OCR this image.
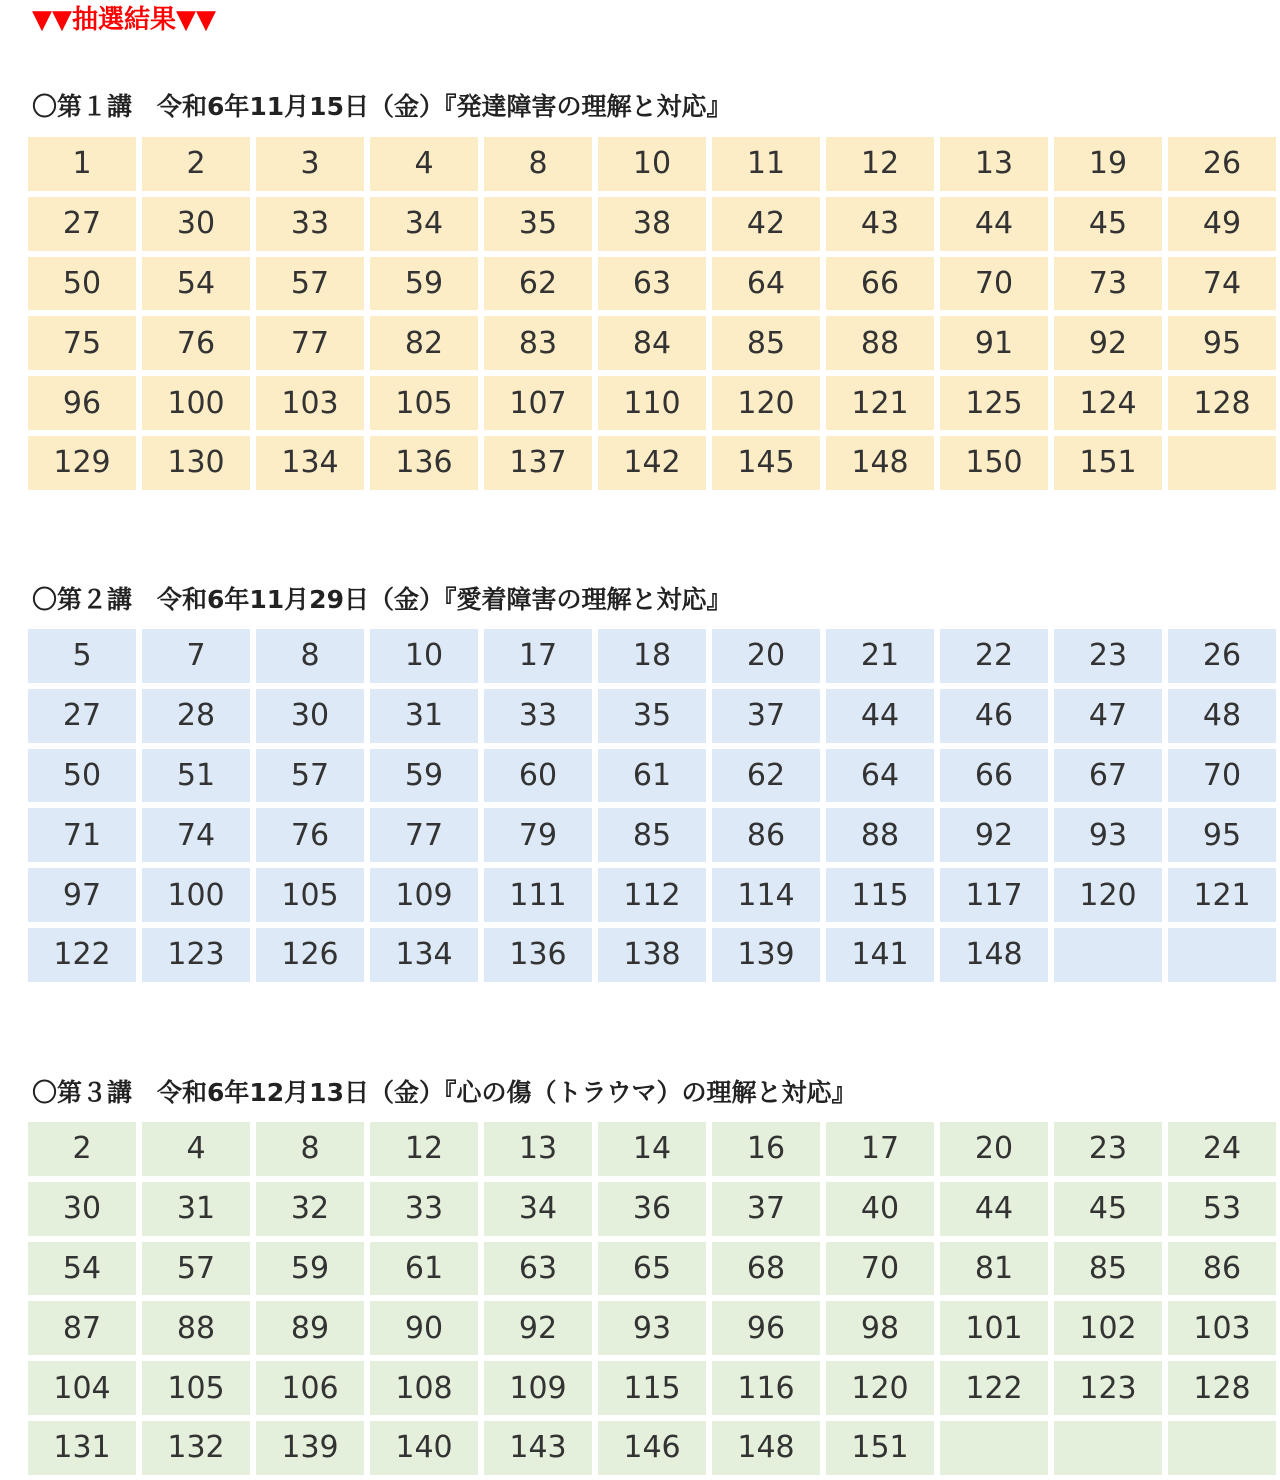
▼▼抽選結果▼▼
〇第１講　令和6年11月15日（金）『発達障害の理解と対応』
1	2	3	4	8	10	11	12	13	19	26
27	30	33	34	35	38	42	43	44	45	49
50	54	57	59	62	63	64	66	70	73	74
75	76	77	82	83	84	85	88	91	92	95
96	100	103	105	107	110	120	121	125	124	128
129	130	134	136	137	142	145	148	150	151
〇第２講　令和6年11月29日（金）『愛着障害の理解と対応』
5	7	8	10	17	18	20	21	22	23	26
27	28	30	31	33	35	37	44	46	47	48
50	51	57	59	60	61	62	64	66	67	70
71	74	76	77	79	85	86	88	92	93	95
97	100	105	109	111	112	114	115	117	120	121
122	123	126	134	136	138	139	141	148
〇第３講　令和6年12月13日（金）『心の傷（トラウマ）の理解と対応』
2	4	8	12	13	14	16	17	20	23	24
30	31	32	33	34	36	37	40	44	45	53
54	57	59	61	63	65	68	70	81	85	86
87	88	89	90	92	93	96	98	101	102	103
104	105	106	108	109	115	116	120	122	123	128
131	132	139	140	143	146	148	151
